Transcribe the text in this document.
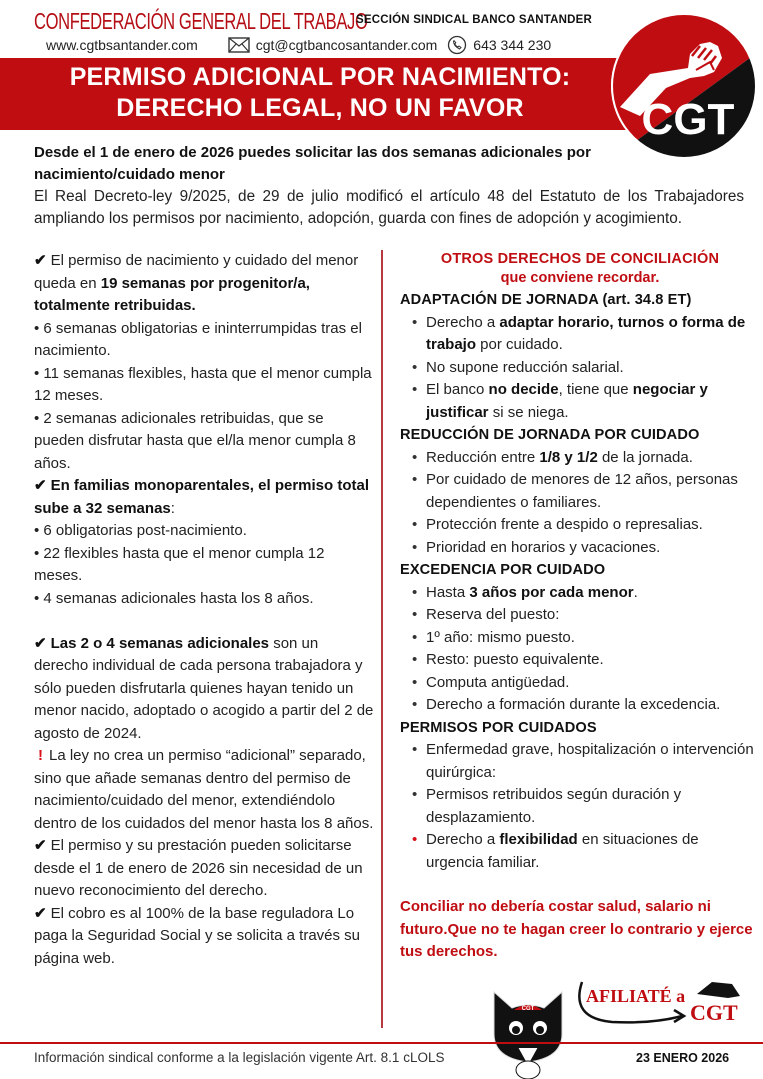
CONFEDERACIÓN GENERAL DEL TRABAJO
SECCIÓN SINDICAL BANCO SANTANDER
www.cgtbsantander.com	cgt@cgtbancosantander.com	643 344 230
PERMISO ADICIONAL POR NACIMIENTO:
DERECHO LEGAL, NO UN FAVOR	CGT
Desde el 1 de enero de 2026 puedes solicitar las dos semanas adicionales por nacimiento/cuidado menor
El Real Decreto-ley 9/2025, de 29 de julio modificó el artículo 48 del Estatuto de los Trabajadores ampliando los permisos por nacimiento, adopción, guarda con fines de adopción y acogimiento.

✔ El permiso de nacimiento y cuidado del menor queda en 19 semanas por progenitor/a, totalmente retribuidas.

• 6 semanas obligatorias e ininterrumpidas tras el nacimiento.

• 11 semanas flexibles, hasta que el menor cumpla 12 meses.

• 2 semanas adicionales retribuidas, que se pueden disfrutar hasta que el/la menor cumpla 8 años.

✔ En familias monoparentales, el permiso total sube a 32 semanas:

• 6 obligatorias post-nacimiento.

• 22 flexibles hasta que el menor cumpla 12 meses.

• 4 semanas adicionales hasta los 8 años.

✔ Las 2 o 4 semanas adicionales son un derecho individual de cada persona trabajadora y sólo pueden disfrutarla quienes hayan tenido un menor nacido, adoptado o acogido a partir del 2 de agosto de 2024.

! La ley no crea un permiso “adicional” separado, sino que añade semanas dentro del permiso de nacimiento/cuidado del menor, extendiéndolo dentro de los cuidados del menor hasta los 8 años.

✔ El permiso y su prestación pueden solicitarse desde el 1 de enero de 2026 sin necesidad de un nuevo reconocimiento del derecho.

✔ El cobro es al 100% de la base reguladora Lo paga la Seguridad Social y se solicita a través su página web.

OTROS DERECHOS DE CONCILIACIÓN
que conviene recordar.
ADAPTACIÓN DE JORNADA (art. 34.8 ET)
• Derecho a adaptar horario, turnos o forma de trabajo por cuidado.
• No supone reducción salarial.
• El banco no decide, tiene que negociar y justificar si se niega.
REDUCCIÓN DE JORNADA POR CUIDADO
• Reducción entre 1/8 y 1/2 de la jornada.
• Por cuidado de menores de 12 años, personas dependientes o familiares.
• Protección frente a despido o represalias.
• Prioridad en horarios y vacaciones.
EXCEDENCIA POR CUIDADO
• Hasta 3 años por cada menor.
• Reserva del puesto:
• 1º año: mismo puesto.
• Resto: puesto equivalente.
• Computa antigüedad.
• Derecho a formación durante la excedencia.
PERMISOS POR CUIDADOS
• Enfermedad grave, hospitalización o intervención quirúrgica:
• Permisos retribuidos según duración y desplazamiento.
• Derecho a flexibilidad en situaciones de urgencia familiar.
Conciliar no debería costar salud, salario ni futuro.Que no te hagan creer lo contrario y ejerce tus derechos.
CGT
AFILIATÉ a
CGT
Información sindical conforme a la legislación vigente Art. 8.1 cLOLS	23 ENERO 2026
